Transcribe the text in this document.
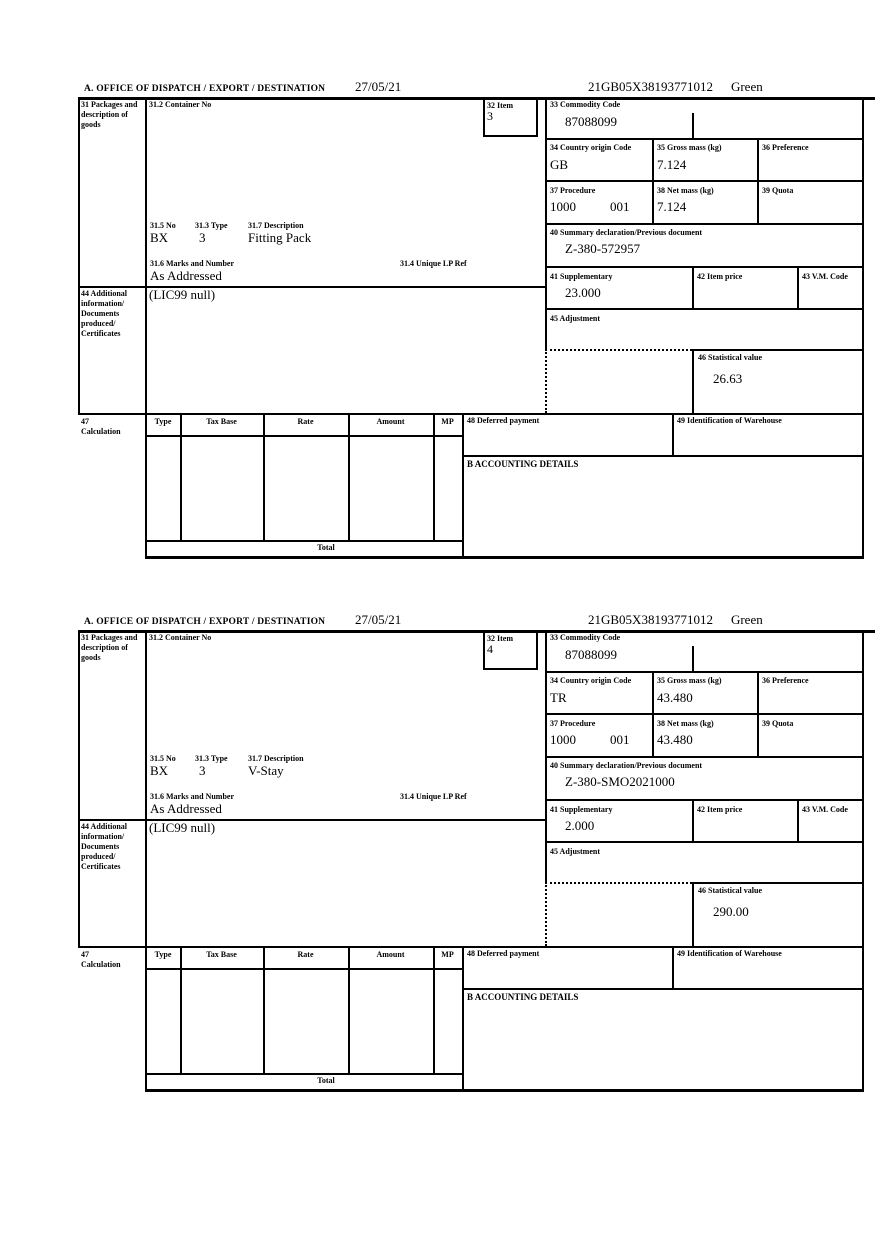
A. OFFICE OF DISPATCH / EXPORT / DESTINATION 27/05/21	21GB05X38193771012 Green
31 Packages and description of goods
44 Additional information/ Documents produced/ Certificates
47 Calculation
31.2 Container No	32 Item
3
31.5 No 31.3 Type	31.7 Description
BX 3	Fitting Pack
31.6 Marks and Number	31.4 Unique LP Ref
As Addressed
(LIC99 null)
33 Commodity Code
87088099
34 Country origin Code
GB
35 Gross mass (kg)
7.124
36 Preference
37 Procedure
1000	001
38 Net mass (kg)
7.124
39 Quota
40 Summary declaration/Previous document
Z-380-572957
41 Supplementary
23.000
42 Item price	43 V.M. Code
45 Adjustment
46 Statistical value
26.63
Type	Tax Base	Rate	Amount	MP	48 Deferred payment	49 Identification of Warehouse
B ACCOUNTING DETAILS
Total
A. OFFICE OF DISPATCH / EXPORT / DESTINATION 27/05/21	21GB05X38193771012 Green
31 Packages and description of goods
44 Additional information/ Documents produced/ Certificates
47 Calculation
31.2 Container No	32 Item
4
31.5 No 31.3 Type	31.7 Description
BX 3	V-Stay
31.6 Marks and Number	31.4 Unique LP Ref
As Addressed
(LIC99 null)
33 Commodity Code
87088099
34 Country origin Code
TR
35 Gross mass (kg)
43.480
36 Preference
37 Procedure
1000	001
38 Net mass (kg)
43.480
39 Quota
40 Summary declaration/Previous document
Z-380-SMO2021000
41 Supplementary
2.000
42 Item price	43 V.M. Code
45 Adjustment
46 Statistical value
290.00
Type	Tax Base	Rate	Amount	MP	48 Deferred payment	49 Identification of Warehouse
B ACCOUNTING DETAILS
Total
